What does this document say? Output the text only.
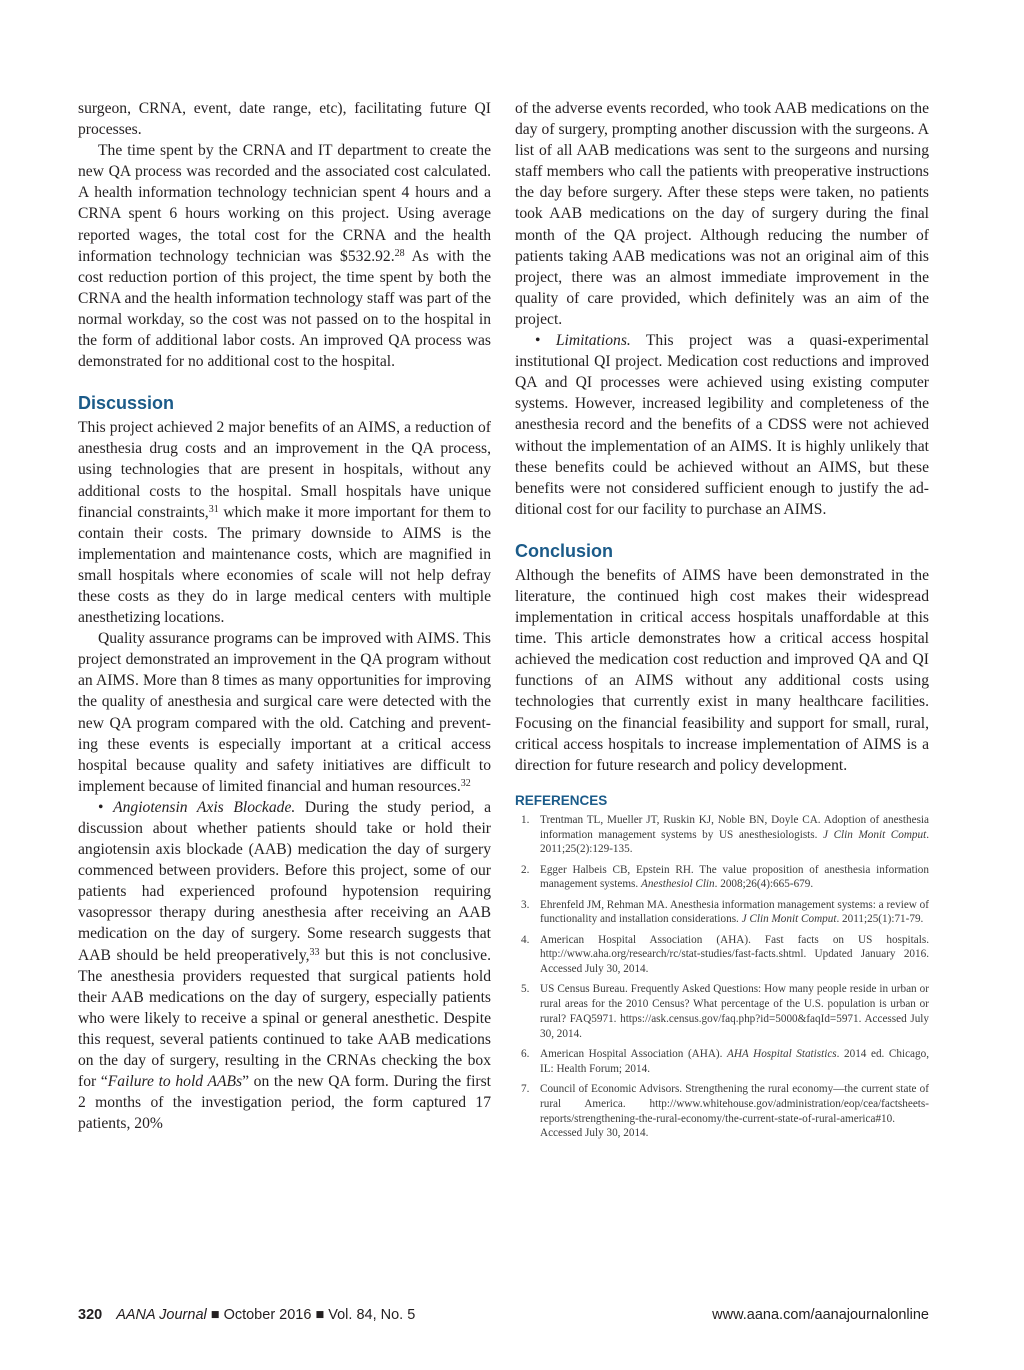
surgeon, CRNA, event, date range, etc), facilitating future QI processes.

The time spent by the CRNA and IT department to create the new QA process was recorded and the associated cost calculated. A health information technology technician spent 4 hours and a CRNA spent 6 hours working on this project. Using average reported wages, the total cost for the CRNA and the health information technology technician was $532.92.28 As with the cost reduction portion of this project, the time spent by both the CRNA and the health information technology staff was part of the normal workday, so the cost was not passed on to the hospital in the form of additional labor costs. An improved QA process was demonstrated for no additional cost to the hospital.

Discussion

This project achieved 2 major benefits of an AIMS, a reduction of anesthesia drug costs and an improvement in the QA process, using technologies that are present in hospitals, without any additional costs to the hospital. Small hospitals have unique financial constraints,$^{31}$ which make it more important for them to contain their costs. The primary downside to AIMS is the implementation and maintenance costs, which are magnified in small hospitals where economies of scale will not help defray these costs as they do in large medical centers with multiple anesthetizing locations.

Quality assurance programs can be improved with AIMS. This project demonstrated an improvement in the QA program without an AIMS. More than 8 times as many opportunities for improving the quality of anesthesia and surgical care were detected with the new QA program compared with the old. Catching and preventing these events is especially important at a critical access hospital because quality and safety initiatives are difficult to implement because of limited financial and human resources.$^{32}$

• Angiotensin Axis Blockade. During the study period, a discussion about whether patients should take or hold their angiotensin axis blockade (AAB) medication the day of surgery commenced between providers. Before this project, some of our patients had experienced profound hypotension requiring vasopressor therapy during anesthesia after receiving an AAB medication on the day of surgery. Some research suggests that AAB should be held preoperatively,$^{33}$ but this is not conclusive. The anesthesia providers requested that surgical patients hold their AAB medications on the day of surgery, especially patients who were likely to receive a spinal or general anesthetic. Despite this request, several patients continued to take AAB medications on the day of surgery, resulting in the CRNAs checking the box for “Failure to hold AABs” on the new QA form. During the first 2 months of the investigation period, the form captured 17 patients, 20%

of the adverse events recorded, who took AAB medications on the day of surgery, prompting another discussion with the surgeons. A list of all AAB medications was sent to the surgeons and nursing staff members who call the patients with preoperative instructions the day before surgery. After these steps were taken, no patients took AAB medications on the day of surgery during the final month of the QA project. Although reducing the number of patients taking AAB medications was not an original aim of this project, there was an almost immediate improvement in the quality of care provided, which definitely was an aim of the project.

• Limitations. This project was a quasi-experimental institutional QI project. Medication cost reductions and improved QA and QI processes were achieved using existing computer systems. However, increased legibility and completeness of the anesthesia record and the benefits of a CDSS were not achieved without the implementation of an AIMS. It is highly unlikely that these benefits could be achieved without an AIMS, but these benefits were not considered sufficient enough to justify the additional cost for our facility to purchase an AIMS.

Conclusion

Although the benefits of AIMS have been demonstrated in the literature, the continued high cost makes their widespread implementation in critical access hospitals unaffordable at this time. This article demonstrates how a critical access hospital achieved the medication cost reduction and improved QA and QI functions of an AIMS without any additional costs using technologies that currently exist in many healthcare facilities. Focusing on the financial feasibility and support for small, rural, critical access hospitals to increase implementation of AIMS is a direction for future research and policy development.

REFERENCES
1. Trentman TL, Mueller JT, Ruskin KJ, Noble BN, Doyle CA. Adoption of anesthesia information management systems by US anesthesiologists. J Clin Monit Comput. 2011;25(2):129-135.
2. Egger Halbeis CB, Epstein RH. The value proposition of anesthesia information management systems. Anesthesiol Clin. 2008;26(4):665-679.
3. Ehrenfeld JM, Rehman MA. Anesthesia information management systems: a review of functionality and installation considerations. J Clin Monit Comput. 2011;25(1):71-79.
4. American Hospital Association (AHA). Fast facts on US hospitals. http://www.aha.org/research/rc/stat-studies/fast-facts.shtml. Updated January 2016. Accessed July 30, 2014.
5. US Census Bureau. Frequently Asked Questions: How many people reside in urban or rural areas for the 2010 Census? What percentage of the U.S. population is urban or rural? FAQ5971. https://ask.census.gov/faq.php?id=5000&faqId=5971. Accessed July 30, 2014.
6. American Hospital Association (AHA). AHA Hospital Statistics. 2014 ed. Chicago, IL: Health Forum; 2014.
7. Council of Economic Advisors. Strengthening the rural economy—the current state of rural America. http://www.whitehouse.gov/administration/eop/cea/factsheets-reports/strengthening-the-rural-economy/the-current-state-of-rural-america#10. Accessed July 30, 2014.
320 AANA Journal ■ October 2016 ■ Vol. 84, No. 5	www.aana.com/aanajournalonline
